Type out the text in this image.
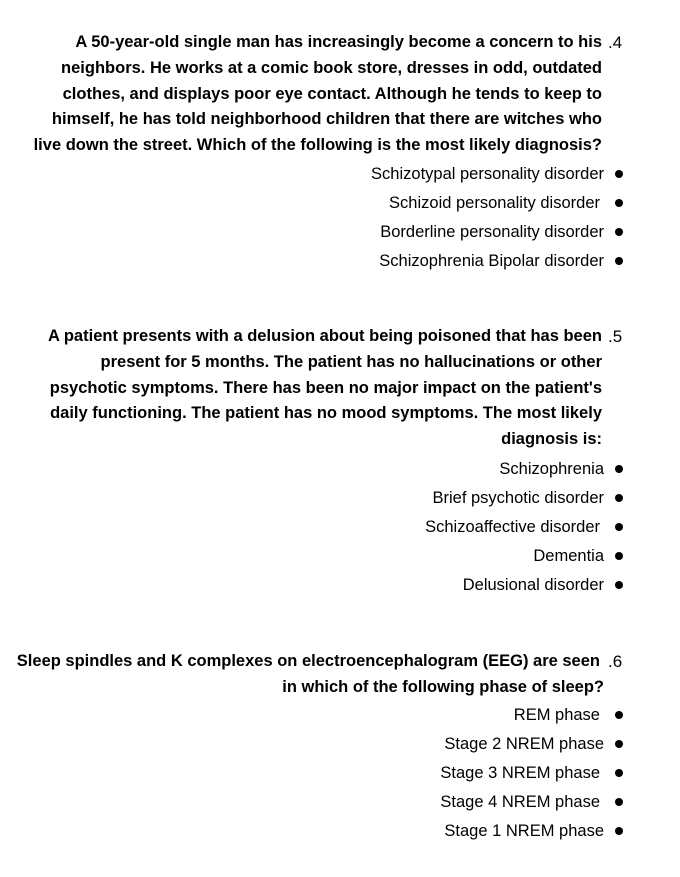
.4
A 50-year-old single man has increasingly become a concern to his
neighbors. He works at a comic book store, dresses in odd, outdated
clothes, and displays poor eye contact. Although he tends to keep to
himself, he has told neighborhood children that there are witches who
live down the street. Which of the following is the most likely diagnosis?
Schizotypal personality disorder
Schizoid personality disorder
Borderline personality disorder
Schizophrenia Bipolar disorder
.5
A patient presents with a delusion about being poisoned that has been
present for 5 months. The patient has no hallucinations or other
psychotic symptoms. There has been no major impact on the patient's
daily functioning. The patient has no mood symptoms. The most likely
diagnosis is:
Schizophrenia
Brief psychotic disorder
Schizoaffective disorder
Dementia
Delusional disorder
.6
Sleep spindles and K complexes on electroencephalogram (EEG) are seen
in which of the following phase of sleep?
REM phase
Stage 2 NREM phase
Stage 3 NREM phase
Stage 4 NREM phase
Stage 1 NREM phase
